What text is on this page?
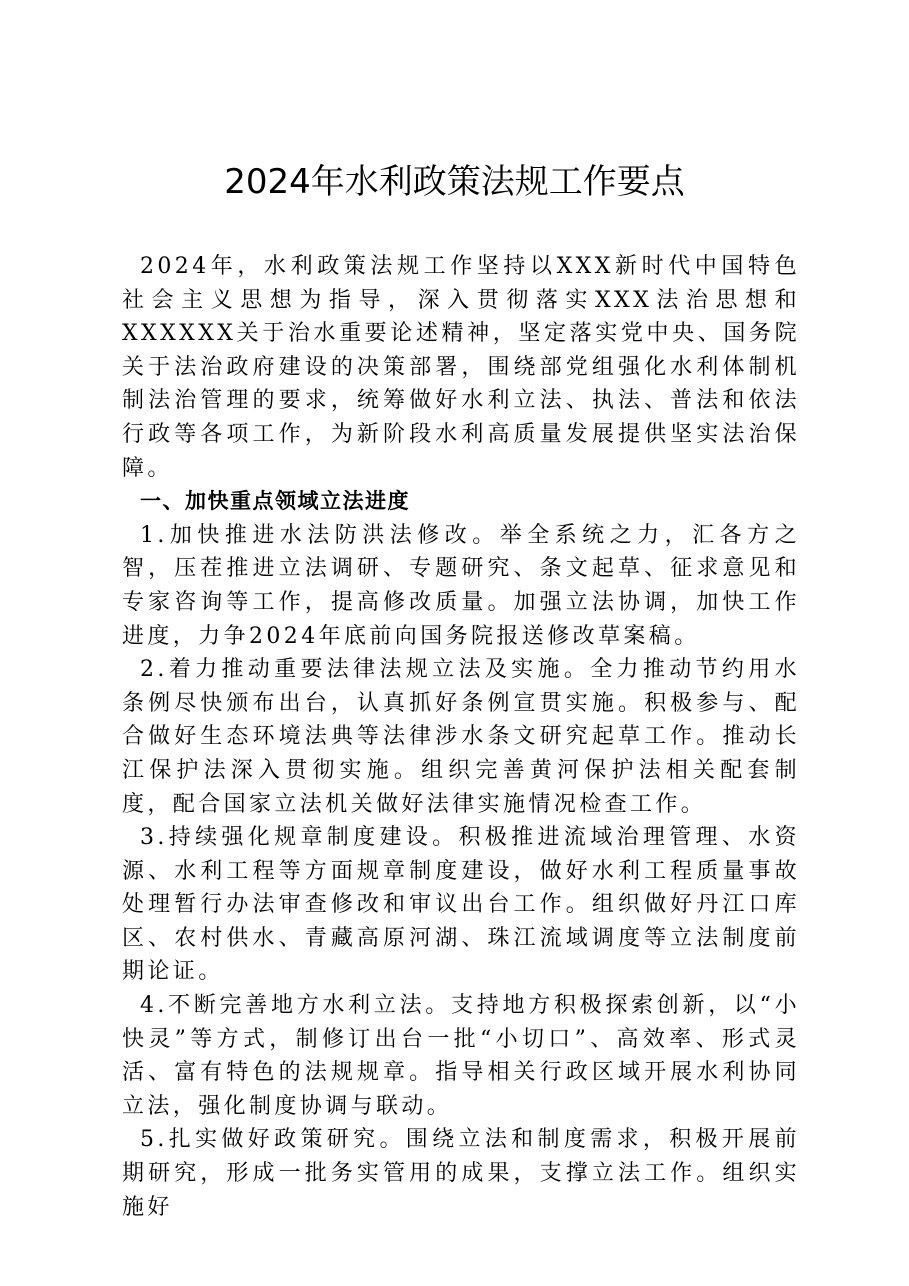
2024年水利政策法规工作要点

2024年，水利政策法规工作坚持以XXX新时代中国特色社会主义思想为指导，深入贯彻落实XXX法治思想和XXXXXX关于治水重要论述精神，坚定落实党中央、国务院关于法治政府建设的决策部署，围绕部党组强化水利体制机制法治管理的要求，统筹做好水利立法、执法、普法和依法行政等各项工作，为新阶段水利高质量发展提供坚实法治保障。

一、加快重点领域立法进度

1.加快推进水法防洪法修改。举全系统之力，汇各方之智，压茬推进立法调研、专题研究、条文起草、征求意见和专家咨询等工作，提高修改质量。加强立法协调，加快工作进度，力争2024年底前向国务院报送修改草案稿。

2.着力推动重要法律法规立法及实施。全力推动节约用水条例尽快颁布出台，认真抓好条例宣贯实施。积极参与、配合做好生态环境法典等法律涉水条文研究起草工作。推动长江保护法深入贯彻实施。组织完善黄河保护法相关配套制度，配合国家立法机关做好法律实施情况检查工作。

3.持续强化规章制度建设。积极推进流域治理管理、水资源、水利工程等方面规章制度建设，做好水利工程质量事故处理暂行办法审查修改和审议出台工作。组织做好丹江口库区、农村供水、青藏高原河湖、珠江流域调度等立法制度前期论证。

4.不断完善地方水利立法。支持地方积极探索创新，以“小快灵”等方式，制修订出台一批“小切口”、高效率、形式灵活、富有特色的法规规章。指导相关行政区域开展水利协同立法，强化制度协调与联动。

5.扎实做好政策研究。围绕立法和制度需求，积极开展前期研究，形成一批务实管用的成果，支撑立法工作。组织实施好
